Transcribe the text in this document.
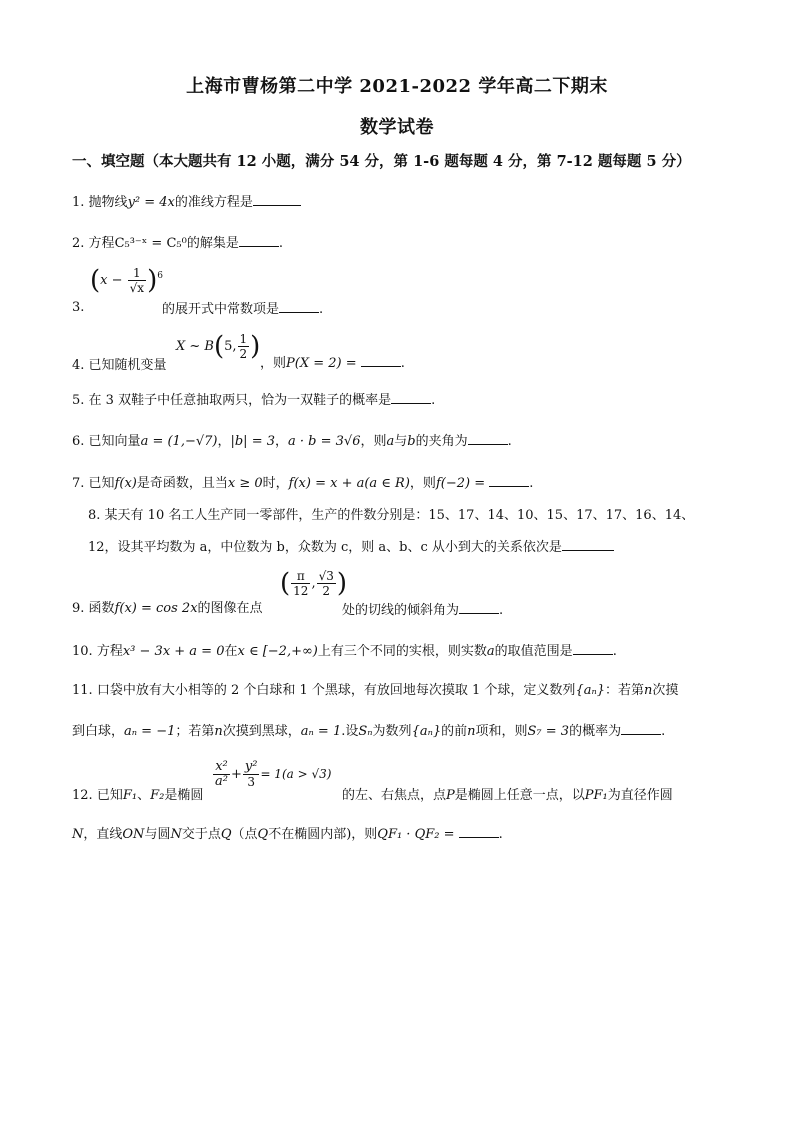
上海市曹杨第二中学 2021-2022 学年高二下期末
数学试卷
一、填空题（本大题共有 12 小题，满分 54 分，第 1-6 题每题 4 分，第 7-12 题每题 5 分）
1. 抛物线y² = 4x的准线方程是
2. 方程C₅³⁻ˣ = C₅⁰的解集是	.
3.
$(x - \frac{1}{√x} )^6$
的展开式中常数项是	.
4. 已知随机变量
X ~ B(5, $\frac{1}{2}$ )
，则P(X = 2) =	.
5. 在 3 双鞋子中任意抽取两只，恰为一双鞋子的概率是	.
6. 已知向量a = (1,−√7)，|b| = 3，a · b = 3√6，则a与b的夹角为	.
7. 已知f(x)是奇函数，且当x ≥ 0时，f(x) = x + a(a ∈ R)，则f(−2) =	.
8. 某天有 10 名工人生产同一零部件，生产的件数分别是：15、17、14、10、15、17、17、16、14、
12，设其平均数为 a，中位数为 b，众数为 c，则 a、b、c 从小到大的关系依次是
9. 函数f(x) = cos 2x的图像在点
( $\frac{\pi}{12}$ , $\frac{√3}{2}$ )
处的切线的倾斜角为	.
10. 方程x³ − 3x + a = 0在x ∈ [−2,+∞)上有三个不同的实根，则实数a的取值范围是	.
11. 口袋中放有大小相等的 2 个白球和 1 个黑球，有放回地每次摸取 1 个球，定义数列{aₙ}：若第n次摸
到白球，aₙ = −1；若第n次摸到黑球，aₙ = 1.设Sₙ为数列{aₙ}的前n项和，则S₇ = 3的概率为	.
12. 已知F₁、F₂是椭圆
$\frac{\text{x²}}{\text{a²}} + \frac{\text{y²}}{3} = 1(a > √3)$
的左、右焦点，点P是椭圆上任意一点，以PF₁为直径作圆
N，直线ON与圆N交于点Q（点Q不在椭圆内部)，则QF₁ · QF₂ =	.
